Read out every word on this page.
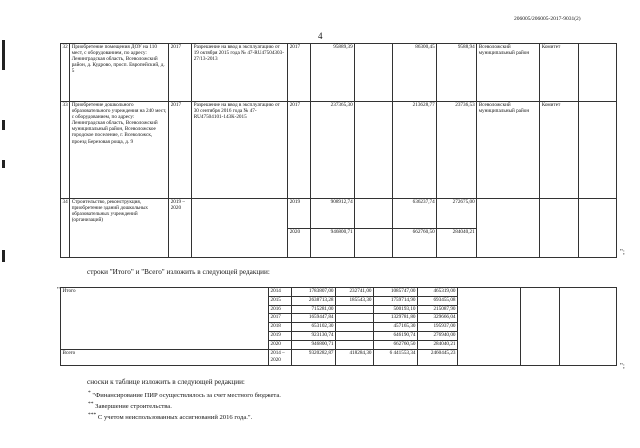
206005/206005-2017-9031(2)
4
32	Приобретение помещения ДОУ на 110 мест, с оборудованием, по адресу: Ленинградская область, Всеволожский район, д. Кудрово, просп. Европейский, д. 5	2017	Разрешение на ввод в эксплуатацию от 19 октября 2015 года № 47-RU47504303-27/13-2013	2017	95889,39		86300,45	9588,94	Всеволожский муниципальный район	Комитет	
33	Приобретение дошкольного образовательного учреждения на 240 мест, с оборудованием, по адресу: Ленинградская область, Всеволожский муниципальный район, Всеволожское городское поселение, г. Всеволожск, проезд Березовая роща, д. 9	2017	Разрешение на ввод в эксплуатацию от 30 сентября 2016 года № 47-RU47504101-143К-2015	2017	237365,30		213628,77	23736,53	Всеволожский муниципальный район	Комитет	
34	Строительство, реконструкция, приобретение зданий дошкольных образовательных учреждений (организаций)	2019 – 2020		2019	908912,74		636237,74	272675,00			
				2020	946800,71		662760,50	284040,21			
";
строки "Итого" и "Всего" изложить в следующей редакции:
" Итого	2014	1783807,00	232741,00	1085747,00	465319,00			
	2015	2638713,28	185543,30	1759714,90	693455,08			
	2016	715281,00		500193,10	215087,90			
	2017	1659447,84		1329781,80	329666,04			
	2018	653102,30		457165,30	195937,00			
	2019	923130,74		646190,74	276940,00			
	2020	946800,71		662760,50	284040,21			
Всего	2014 – 2020	9320282,87	418284,30	6 441553,34	2460445,23			
";
сноски к таблице изложить в следующей редакции:
* "Финансирование ПИР осуществлялось за счет местного бюджета.
** Завершение строительства.
*** С учетом неиспользованных ассигнований 2016 года.".
